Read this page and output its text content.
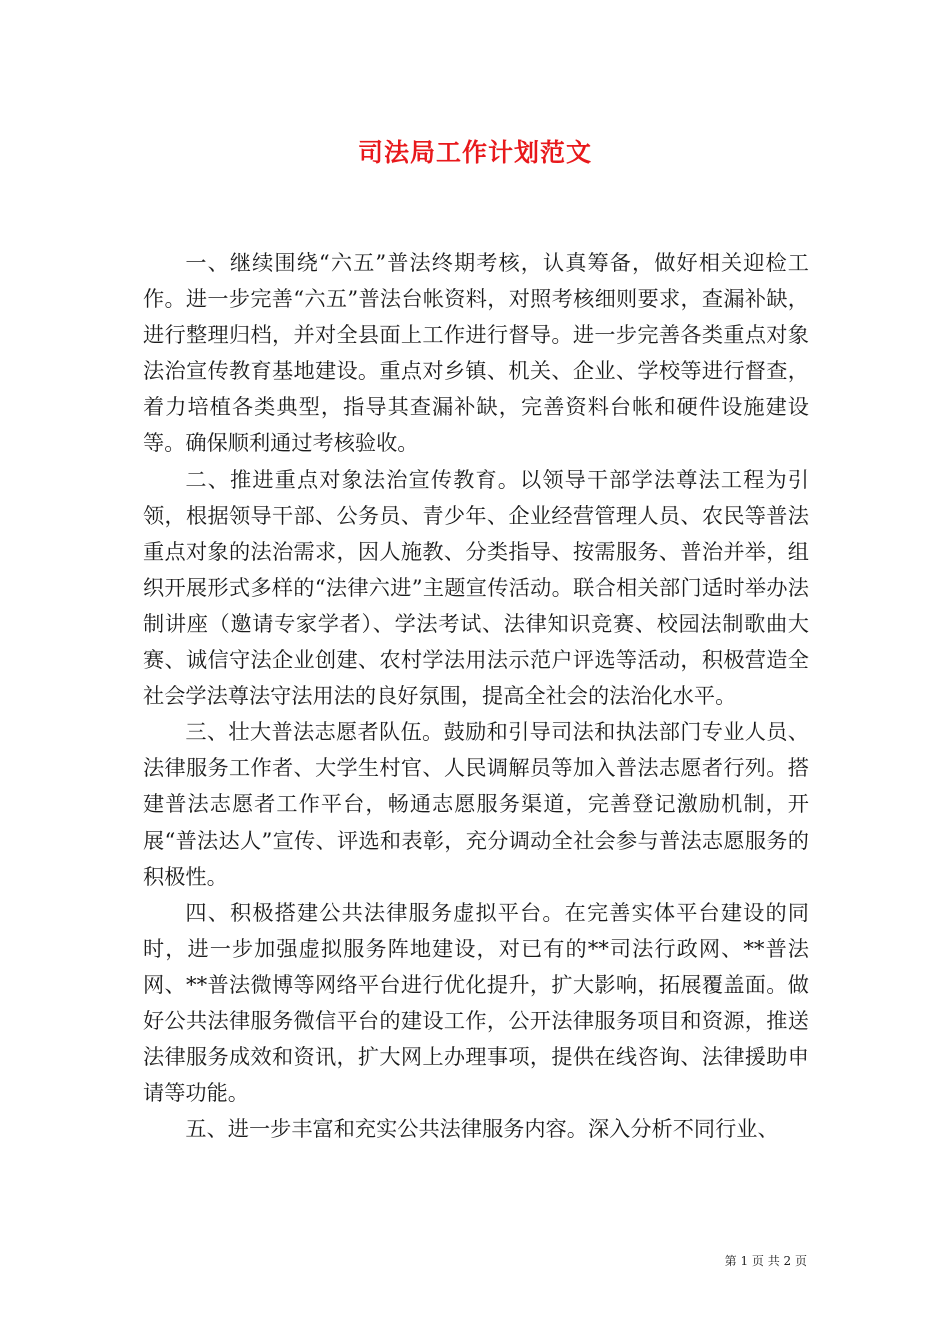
司法局工作计划范文

一、继续围绕“六五”普法终期考核，认真筹备，做好相关迎检工作。进一步完善“六五”普法台帐资料，对照考核细则要求，查漏补缺，进行整理归档，并对全县面上工作进行督导。进一步完善各类重点对象法治宣传教育基地建设。重点对乡镇、机关、企业、学校等进行督查，着力培植各类典型，指导其查漏补缺，完善资料台帐和硬件设施建设等。确保顺利通过考核验收。

二、推进重点对象法治宣传教育。以领导干部学法尊法工程为引领，根据领导干部、公务员、青少年、企业经营管理人员、农民等普法重点对象的法治需求，因人施教、分类指导、按需服务、普治并举，组织开展形式多样的“法律六进”主题宣传活动。联合相关部门适时举办法制讲座（邀请专家学者）、学法考试、法律知识竞赛、校园法制歌曲大赛、诚信守法企业创建、农村学法用法示范户评选等活动，积极营造全社会学法尊法守法用法的良好氛围，提高全社会的法治化水平。

三、壮大普法志愿者队伍。鼓励和引导司法和执法部门专业人员、法律服务工作者、大学生村官、人民调解员等加入普法志愿者行列。搭建普法志愿者工作平台，畅通志愿服务渠道，完善登记激励机制，开展“普法达人”宣传、评选和表彰，充分调动全社会参与普法志愿服务的积极性。

四、积极搭建公共法律服务虚拟平台。在完善实体平台建设的同时，进一步加强虚拟服务阵地建设，对已有的**司法行政网、**普法网、**普法微博等网络平台进行优化提升，扩大影响，拓展覆盖面。做好公共法律服务微信平台的建设工作，公开法律服务项目和资源，推送法律服务成效和资讯，扩大网上办理事项，提供在线咨询、法律援助申请等功能。

五、进一步丰富和充实公共法律服务内容。深入分析不同行业、

第 1 页 共 2 页
